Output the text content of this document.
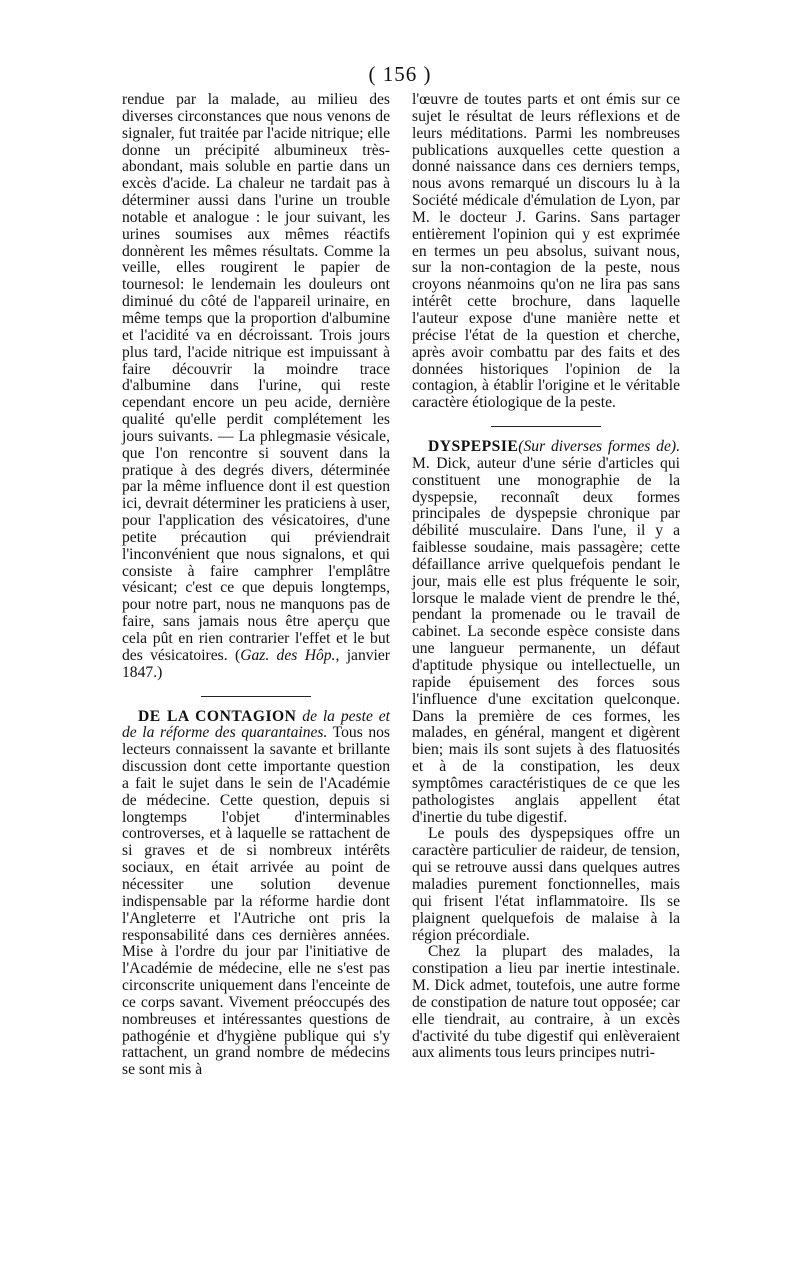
( 156 )

rendue par la malade, au milieu des diverses circonstances que nous venons de signaler, fut traitée par l'acide nitrique; elle donne un précipité albumineux très-abondant, mais soluble en partie dans un excès d'acide. La chaleur ne tardait pas à déterminer aussi dans l'urine un trouble notable et analogue : le jour suivant, les urines soumises aux mêmes réactifs donnèrent les mêmes résultats. Comme la veille, elles rougirent le papier de tournesol: le lendemain les douleurs ont diminué du côté de l'appareil urinaire, en même temps que la proportion d'albumine et l'acidité va en décroissant. Trois jours plus tard, l'acide nitrique est impuissant à faire découvrir la moindre trace d'albumine dans l'urine, qui reste cependant encore un peu acide, dernière qualité qu'elle perdit complétement les jours suivants. — La phlegmasie vésicale, que l'on rencontre si souvent dans la pratique à des degrés divers, déterminée par la même influence dont il est question ici, devrait déterminer les praticiens à user, pour l'application des vésicatoires, d'une petite précaution qui préviendrait l'inconvénient que nous signalons, et qui consiste à faire camphrer l'emplâtre vésicant; c'est ce que depuis longtemps, pour notre part, nous ne manquons pas de faire, sans jamais nous être aperçu que cela pût en rien contrarier l'effet et le but des vésicatoires. (Gaz. des Hôp., janvier 1847.)

DE LA CONTAGION de la peste et de la réforme des quarantaines. Tous nos lecteurs connaissent la savante et brillante discussion dont cette importante question a fait le sujet dans le sein de l'Académie de médecine. Cette question, depuis si longtemps l'objet d'interminables controverses, et à laquelle se rattachent de si graves et de si nombreux intérêts sociaux, en était arrivée au point de nécessiter une solution devenue indispensable par la réforme hardie dont l'Angleterre et l'Autriche ont pris la responsabilité dans ces dernières années. Mise à l'ordre du jour par l'initiative de l'Académie de médecine, elle ne s'est pas circonscrite uniquement dans l'enceinte de ce corps savant. Vivement préoccupés des nombreuses et intéressantes questions de pathogénie et d'hygiène publique qui s'y rattachent, un grand nombre de médecins se sont mis à

l'œuvre de toutes parts et ont émis sur ce sujet le résultat de leurs réflexions et de leurs méditations. Parmi les nombreuses publications auxquelles cette question a donné naissance dans ces derniers temps, nous avons remarqué un discours lu à la Société médicale d'émulation de Lyon, par M. le docteur J. Garins. Sans partager entièrement l'opinion qui y est exprimée en termes un peu absolus, suivant nous, sur la non-contagion de la peste, nous croyons néanmoins qu'on ne lira pas sans intérêt cette brochure, dans laquelle l'auteur expose d'une manière nette et précise l'état de la question et cherche, après avoir combattu par des faits et des données historiques l'opinion de la contagion, à établir l'origine et le véritable caractère étiologique de la peste.

DYSPEPSIE(Sur diverses formes de). M. Dick, auteur d'une série d'articles qui constituent une monographie de la dyspepsie, reconnaît deux formes principales de dyspepsie chronique par débilité musculaire. Dans l'une, il y a faiblesse soudaine, mais passagère; cette défaillance arrive quelquefois pendant le jour, mais elle est plus fréquente le soir, lorsque le malade vient de prendre le thé, pendant la promenade ou le travail de cabinet. La seconde espèce consiste dans une langueur permanente, un défaut d'aptitude physique ou intellectuelle, un rapide épuisement des forces sous l'influence d'une excitation quelconque. Dans la première de ces formes, les malades, en général, mangent et digèrent bien; mais ils sont sujets à des flatuosités et à de la constipation, les deux symptômes caractéristiques de ce que les pathologistes anglais appellent état d'inertie du tube digestif.

Le pouls des dyspepsiques offre un caractère particulier de raideur, de tension, qui se retrouve aussi dans quelques autres maladies purement fonctionnelles, mais qui frisent l'état inflammatoire. Ils se plaignent quelquefois de malaise à la région précordiale.

Chez la plupart des malades, la constipation a lieu par inertie intestinale. M. Dick admet, toutefois, une autre forme de constipation de nature tout opposée; car elle tiendrait, au contraire, à un excès d'activité du tube digestif qui enlèveraient aux aliments tous leurs principes nutri-
